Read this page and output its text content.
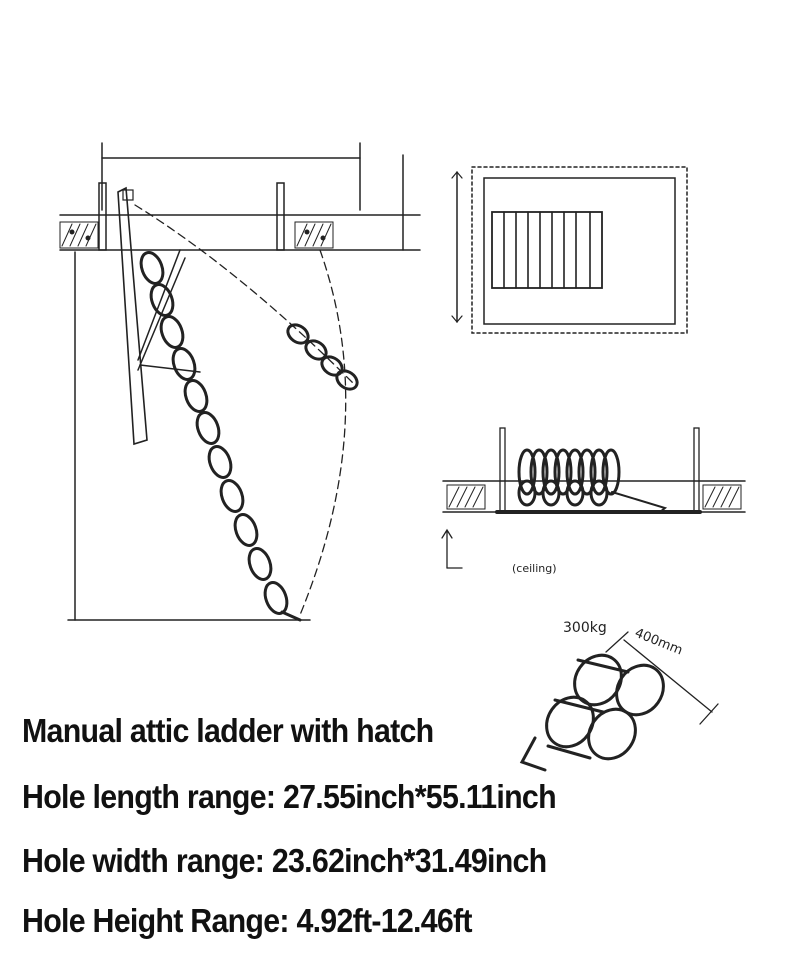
(ceiling)
300kg 400mm
Manual attic ladder with hatch
Hole length range: 27.55inch*55.11inch
Hole width range: 23.62inch*31.49inch
Hole Height Range: 4.92ft-12.46ft
